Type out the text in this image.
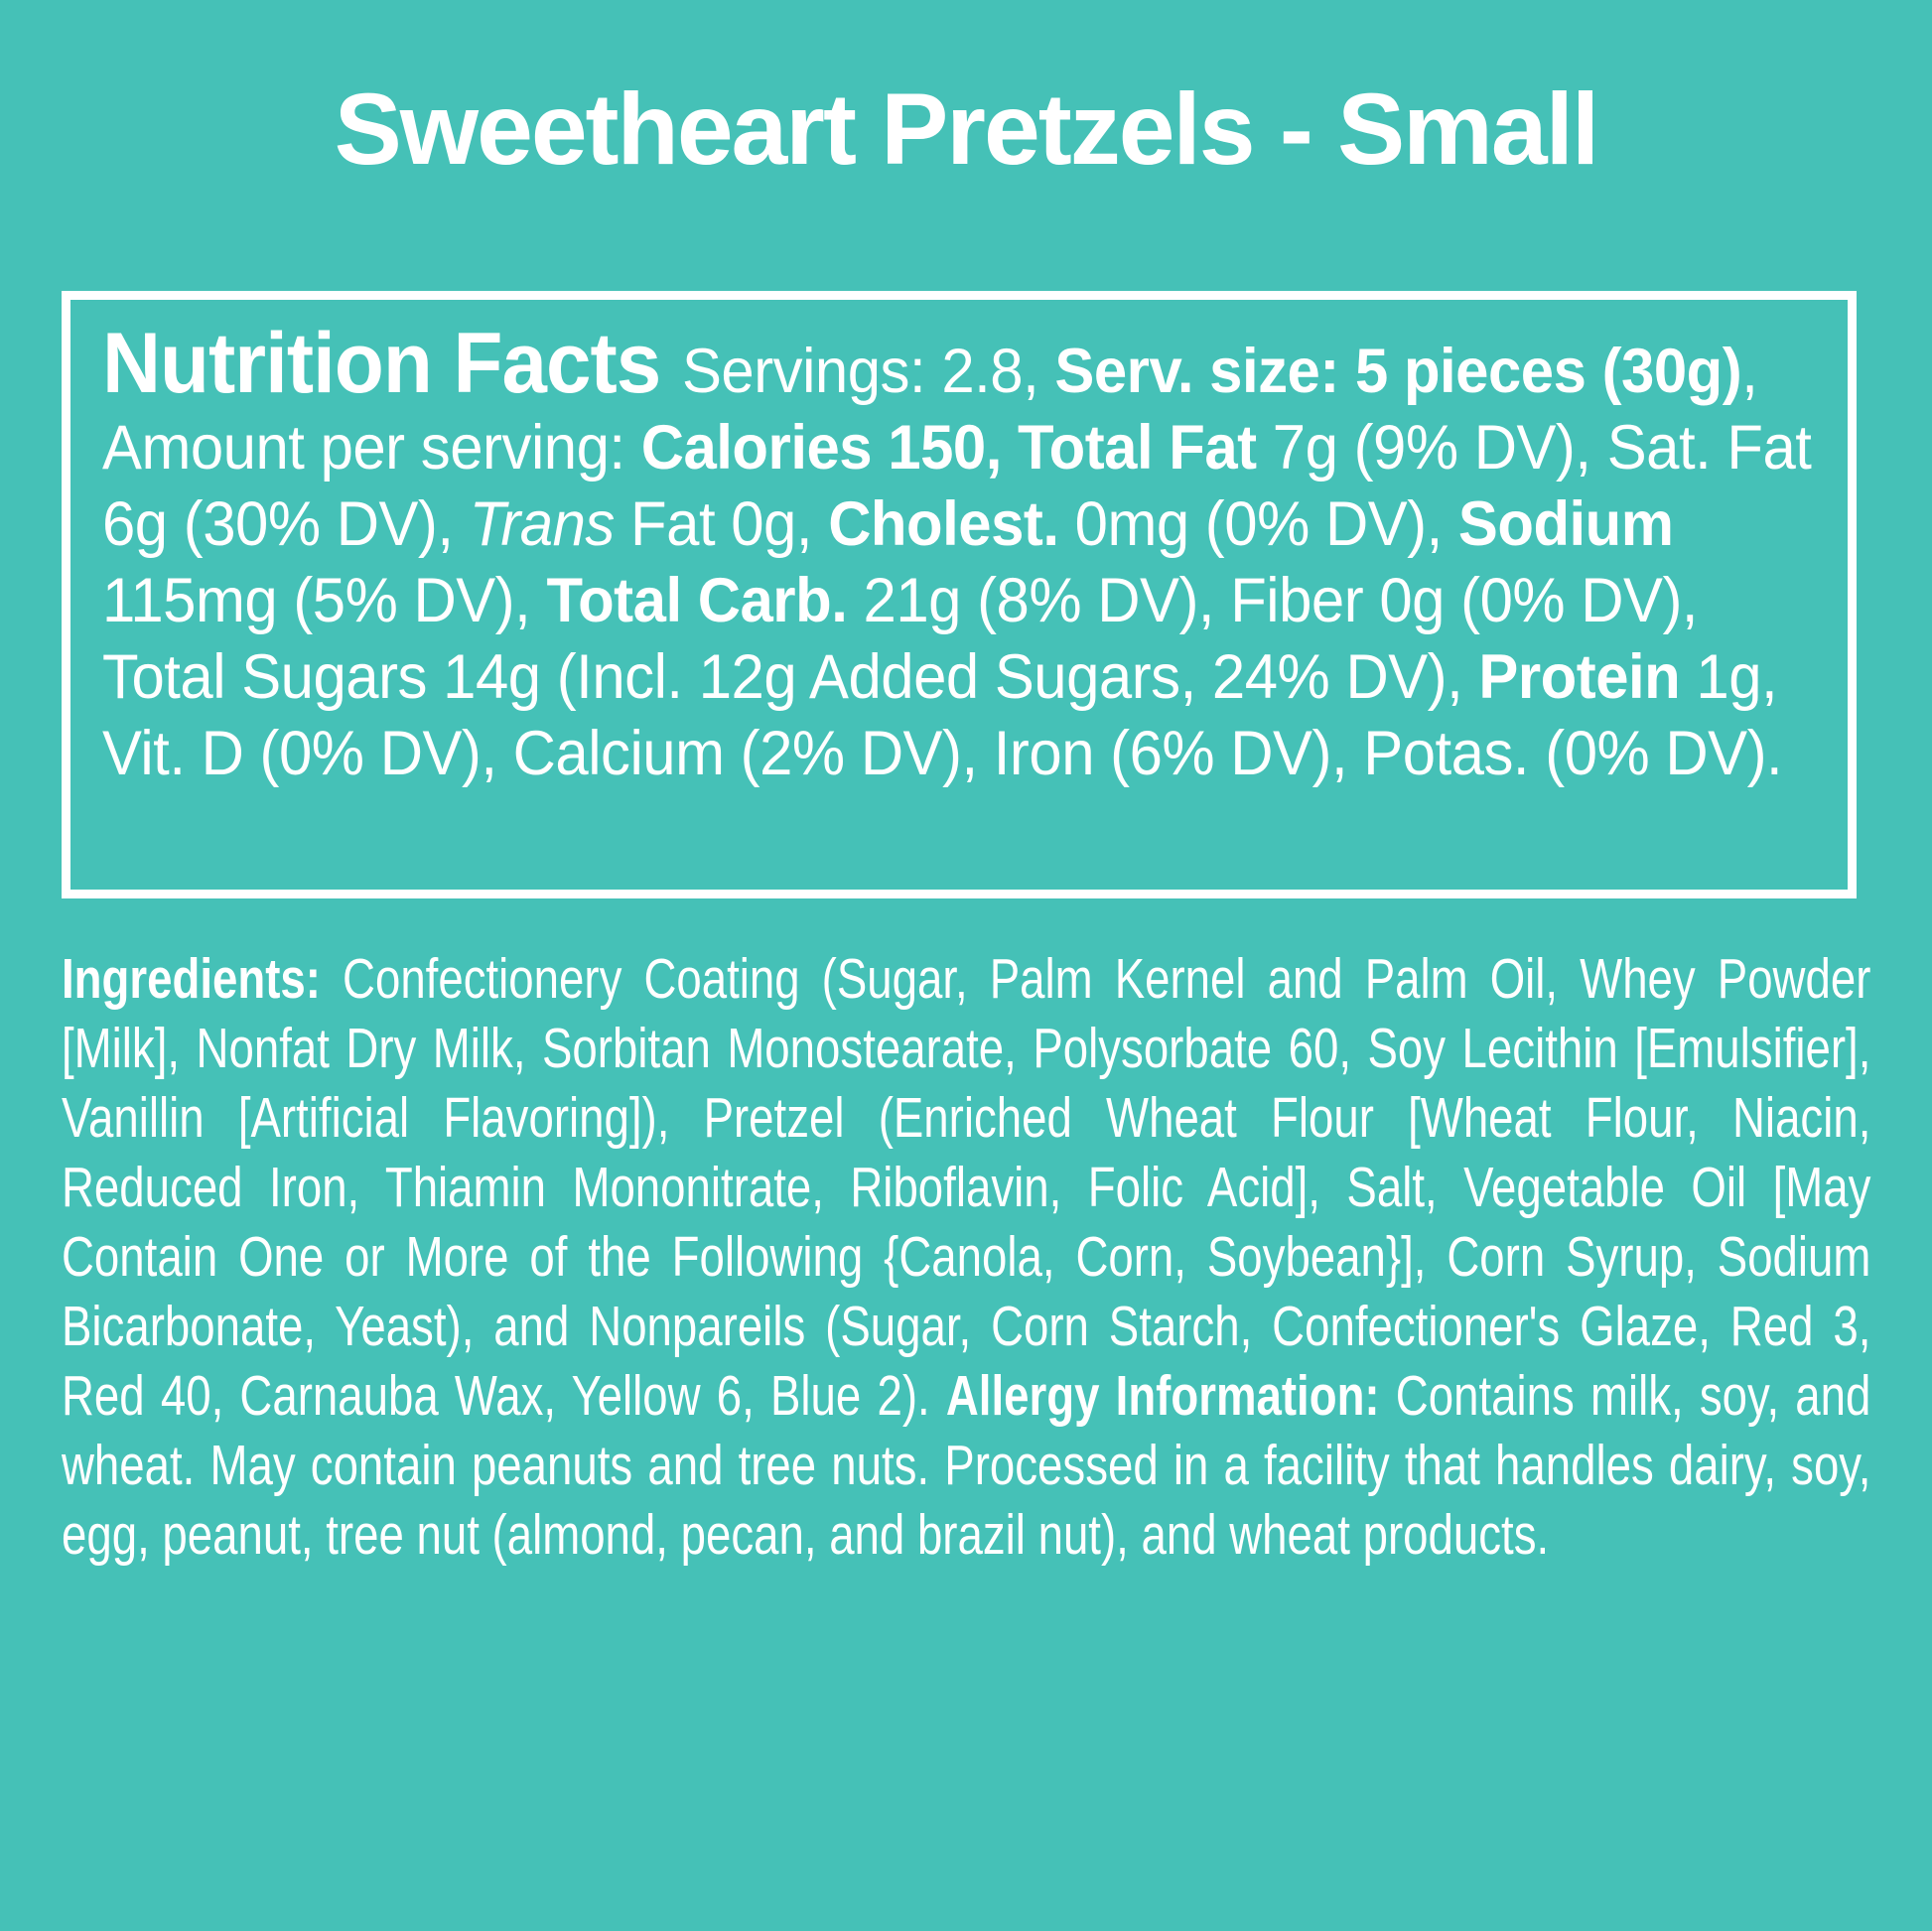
Sweetheart Pretzels - Small

Nutrition Facts Servings: 2.8, Serv. size: 5 pieces (30g), Amount per serving: Calories 150, Total Fat 7g (9% DV), Sat. Fat 6g (30% DV), Trans Fat 0g, Cholest. 0mg (0% DV), Sodium 115mg (5% DV), Total Carb. 21g (8% DV), Fiber 0g (0% DV), Total Sugars 14g (Incl. 12g Added Sugars, 24% DV), Protein 1g, Vit. D (0% DV), Calcium (2% DV), Iron (6% DV), Potas. (0% DV).

Ingredients: Confectionery Coating (Sugar, Palm Kernel and Palm Oil, Whey Powder [Milk], Nonfat Dry Milk, Sorbitan Monostearate, Polysorbate 60, Soy Lecithin [Emulsifier], Vanillin [Artificial Flavoring]), Pretzel (Enriched Wheat Flour [Wheat Flour, Niacin, Reduced Iron, Thiamin Mononitrate, Riboflavin, Folic Acid], Salt, Vegetable Oil [May Contain One or More of the Following {Canola, Corn, Soybean}], Corn Syrup, Sodium Bicarbonate, Yeast), and Nonpareils (Sugar, Corn Starch, Confectioner's Glaze, Red 3, Red 40, Carnauba Wax, Yellow 6, Blue 2). Allergy Information: Contains milk, soy, and wheat. May contain peanuts and tree nuts. Processed in a facility that handles dairy, soy, egg, peanut, tree nut (almond, pecan, and brazil nut), and wheat products.
